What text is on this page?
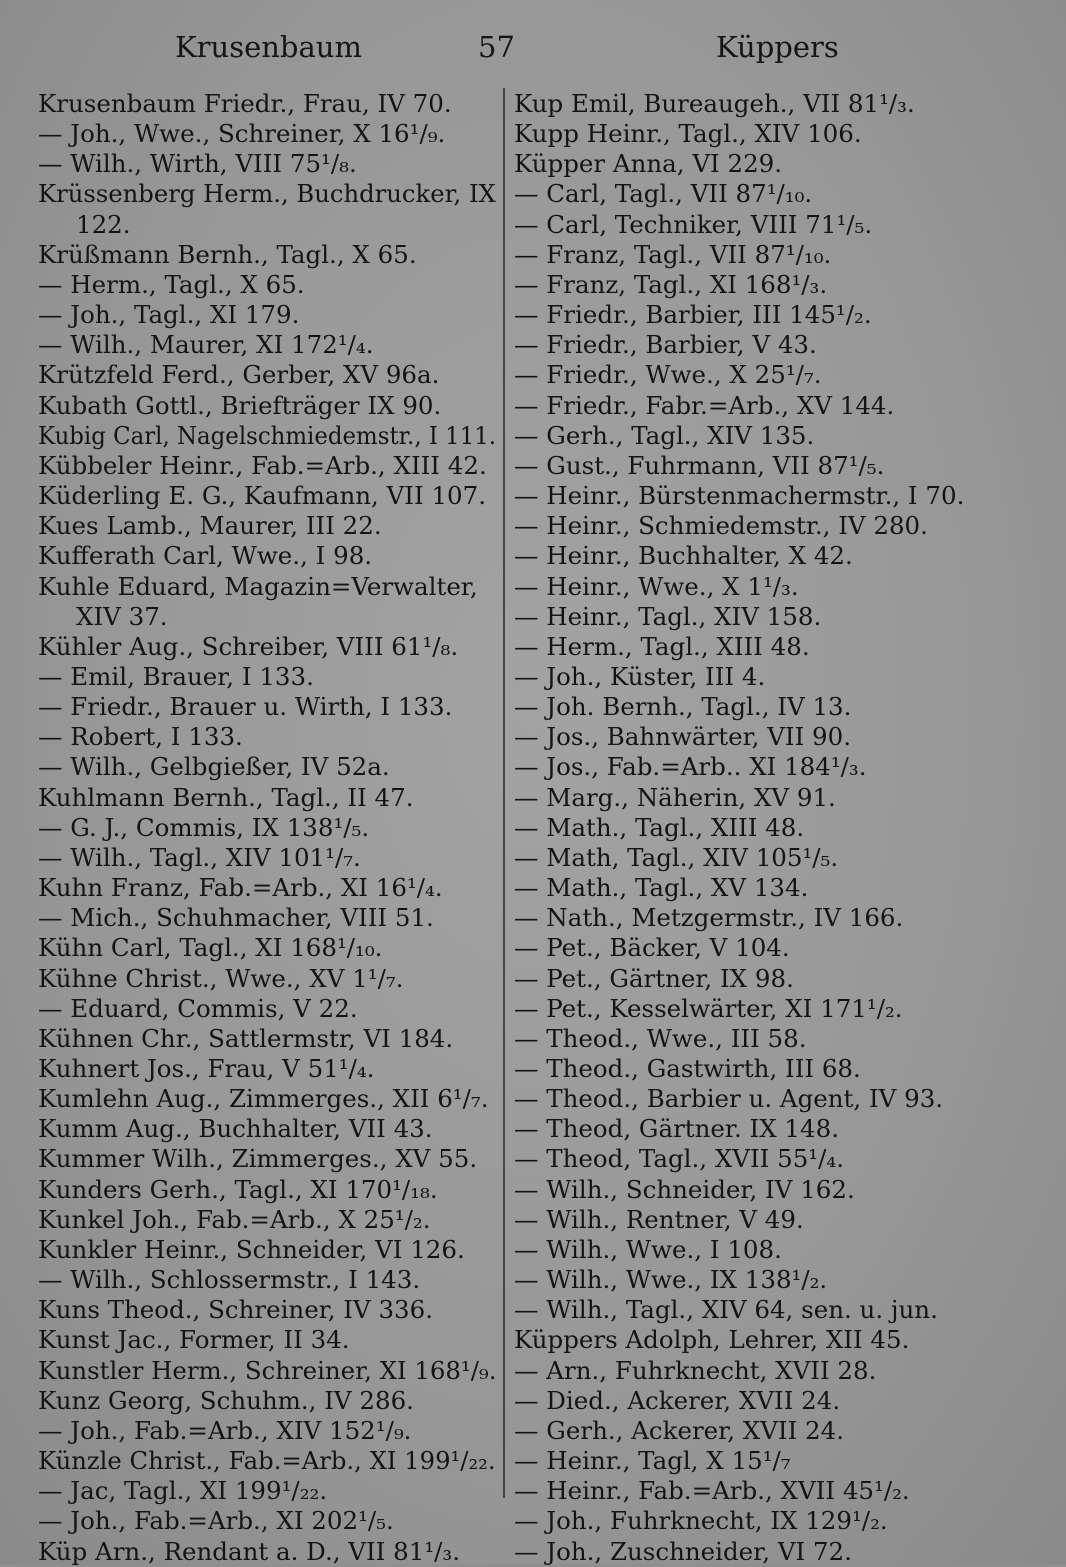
Krusenbaum	57	Küppers
Krusenbaum Friedr., Frau, IV 70.
— Joh., Wwe., Schreiner, X 16¹/₉.
— Wilh., Wirth, VIII 75¹/₈.
Krüssenberg Herm., Buchdrucker, IX
122.
Krüßmann Bernh., Tagl., X 65.
— Herm., Tagl., X 65.
— Joh., Tagl., XI 179.
— Wilh., Maurer, XI 172¹/₄.
Krützfeld Ferd., Gerber, XV 96a.
Kubath Gottl., Briefträger IX 90.
Kubig Carl, Nagelschmiedemstr., I 111.
Kübbeler Heinr., Fab.=Arb., XIII 42.
Küderling E. G., Kaufmann, VII 107.
Kues Lamb., Maurer, III 22.
Kufferath Carl, Wwe., I 98.
Kuhle Eduard, Magazin=Verwalter,
XIV 37.
Kühler Aug., Schreiber, VIII 61¹/₈.
— Emil, Brauer, I 133.
— Friedr., Brauer u. Wirth, I 133.
— Robert, I 133.
— Wilh., Gelbgießer, IV 52a.
Kuhlmann Bernh., Tagl., II 47.
— G. J., Commis, IX 138¹/₅.
— Wilh., Tagl., XIV 101¹/₇.
Kuhn Franz, Fab.=Arb., XI 16¹/₄.
— Mich., Schuhmacher, VIII 51.
Kühn Carl, Tagl., XI 168¹/₁₀.
Kühne Christ., Wwe., XV 1¹/₇.
— Eduard, Commis, V 22.
Kühnen Chr., Sattlermstr, VI 184.
Kuhnert Jos., Frau, V 51¹/₄.
Kumlehn Aug., Zimmerges., XII 6¹/₇.
Kumm Aug., Buchhalter, VII 43.
Kummer Wilh., Zimmerges., XV 55.
Kunders Gerh., Tagl., XI 170¹/₁₈.
Kunkel Joh., Fab.=Arb., X 25¹/₂.
Kunkler Heinr., Schneider, VI 126.
— Wilh., Schlossermstr., I 143.
Kuns Theod., Schreiner, IV 336.
Kunst Jac., Former, II 34.
Kunstler Herm., Schreiner, XI 168¹/₉.
Kunz Georg, Schuhm., IV 286.
— Joh., Fab.=Arb., XIV 152¹/₉.
Künzle Christ., Fab.=Arb., XI 199¹/₂₂.
— Jac, Tagl., XI 199¹/₂₂.
— Joh., Fab.=Arb., XI 202¹/₅.
Küp Arn., Rendant a. D., VII 81¹/₃.
Kup Emil, Bureaugeh., VII 81¹/₃.
Kupp Heinr., Tagl., XIV 106.
Küpper Anna, VI 229.
— Carl, Tagl., VII 87¹/₁₀.
— Carl, Techniker, VIII 71¹/₅.
— Franz, Tagl., VII 87¹/₁₀.
— Franz, Tagl., XI 168¹/₃.
— Friedr., Barbier, III 145¹/₂.
— Friedr., Barbier, V 43.
— Friedr., Wwe., X 25¹/₇.
— Friedr., Fabr.=Arb., XV 144.
— Gerh., Tagl., XIV 135.
— Gust., Fuhrmann, VII 87¹/₅.
— Heinr., Bürstenmachermstr., I 70.
— Heinr., Schmiedemstr., IV 280.
— Heinr., Buchhalter, X 42.
— Heinr., Wwe., X 1¹/₃.
— Heinr., Tagl., XIV 158.
— Herm., Tagl., XIII 48.
— Joh., Küster, III 4.
— Joh. Bernh., Tagl., IV 13.
— Jos., Bahnwärter, VII 90.
— Jos., Fab.=Arb.. XI 184¹/₃.
— Marg., Näherin, XV 91.
— Math., Tagl., XIII 48.
— Math, Tagl., XIV 105¹/₅.
— Math., Tagl., XV 134.
— Nath., Metzgermstr., IV 166.
— Pet., Bäcker, V 104.
— Pet., Gärtner, IX 98.
— Pet., Kesselwärter, XI 171¹/₂.
— Theod., Wwe., III 58.
— Theod., Gastwirth, III 68.
— Theod., Barbier u. Agent, IV 93.
— Theod, Gärtner. IX 148.
— Theod, Tagl., XVII 55¹/₄.
— Wilh., Schneider, IV 162.
— Wilh., Rentner, V 49.
— Wilh., Wwe., I 108.
— Wilh., Wwe., IX 138¹/₂.
— Wilh., Tagl., XIV 64, sen. u. jun.
Küppers Adolph, Lehrer, XII 45.
— Arn., Fuhrknecht, XVII 28.
— Died., Ackerer, XVII 24.
— Gerh., Ackerer, XVII 24.
— Heinr., Tagl, X 15¹/₇
— Heinr., Fab.=Arb., XVII 45¹/₂.
— Joh., Fuhrknecht, IX 129¹/₂.
— Joh., Zuschneider, VI 72.
